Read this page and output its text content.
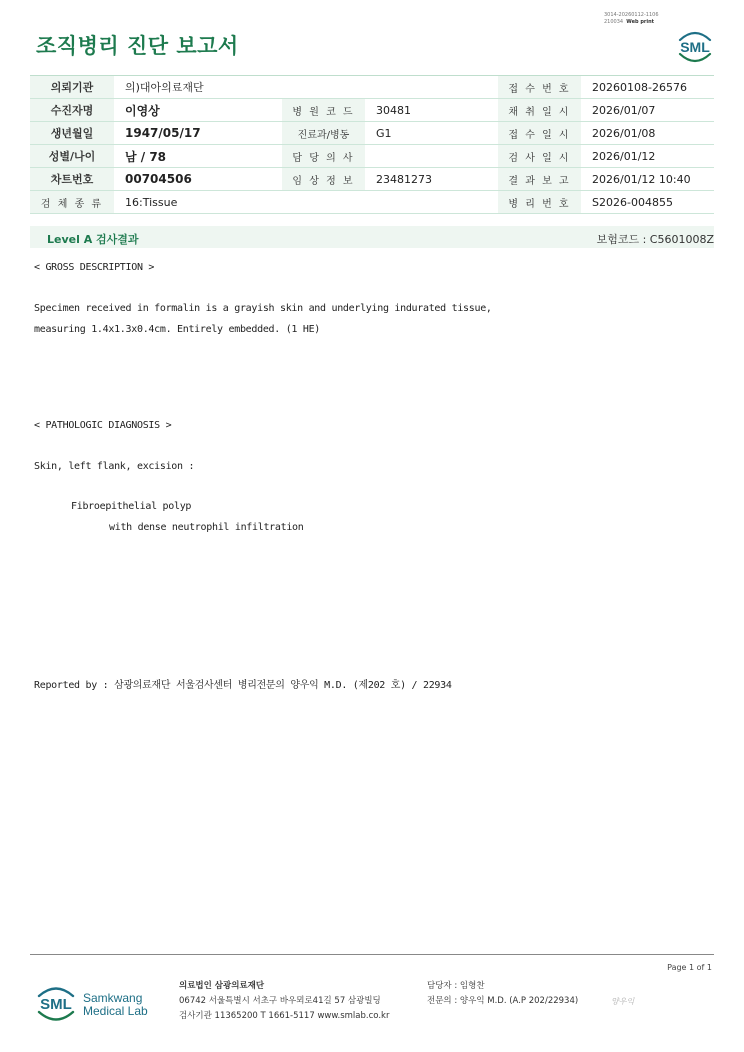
조직병리 진단 보고서
3014-20260112-1106
210034 Web print
SML
의뢰기관	의)대아의료재단			접 수 번 호	20260108-26576
수진자명	이영상	병 원 코 드	30481	채 취 일 시	2026/01/07
생년월일	1947/05/17	진료과/병동	G1	접 수 일 시	2026/01/08
성별/나이	남 / 78	담 당 의 사		검 사 일 시	2026/01/12
차트번호	00704506	임 상 정 보	23481273	결 과 보 고	2026/01/12 10:40
검 체 종 류	16:Tissue			병 리 번 호	S2026-004855
Level A 검사결과	보험코드 : C5601008Z
< GROSS DESCRIPTION >
Specimen received in formalin is a grayish skin and underlying indurated tissue,
measuring 1.4x1.3x0.4cm. Entirely embedded. (1 HE)
< PATHOLOGIC DIAGNOSIS >
Skin, left flank, excision :
Fibroepithelial polyp
with dense neutrophil infiltration
Reported by : 삼광의료재단 서울검사센터 병리전문의 양우익 M.D. (제202 호) / 22934
Page 1 of 1
SML Samkwang
Medical Lab
의료법인 삼광의료재단
06742 서울특별시 서초구 바우뫼로41길 57 삼광빌딩
검사기관 11365200 T 1661-5117 www.smlab.co.kr
담당자 : 임형찬
전문의 : 양우익 M.D. (A.P 202/22934)	양우익
